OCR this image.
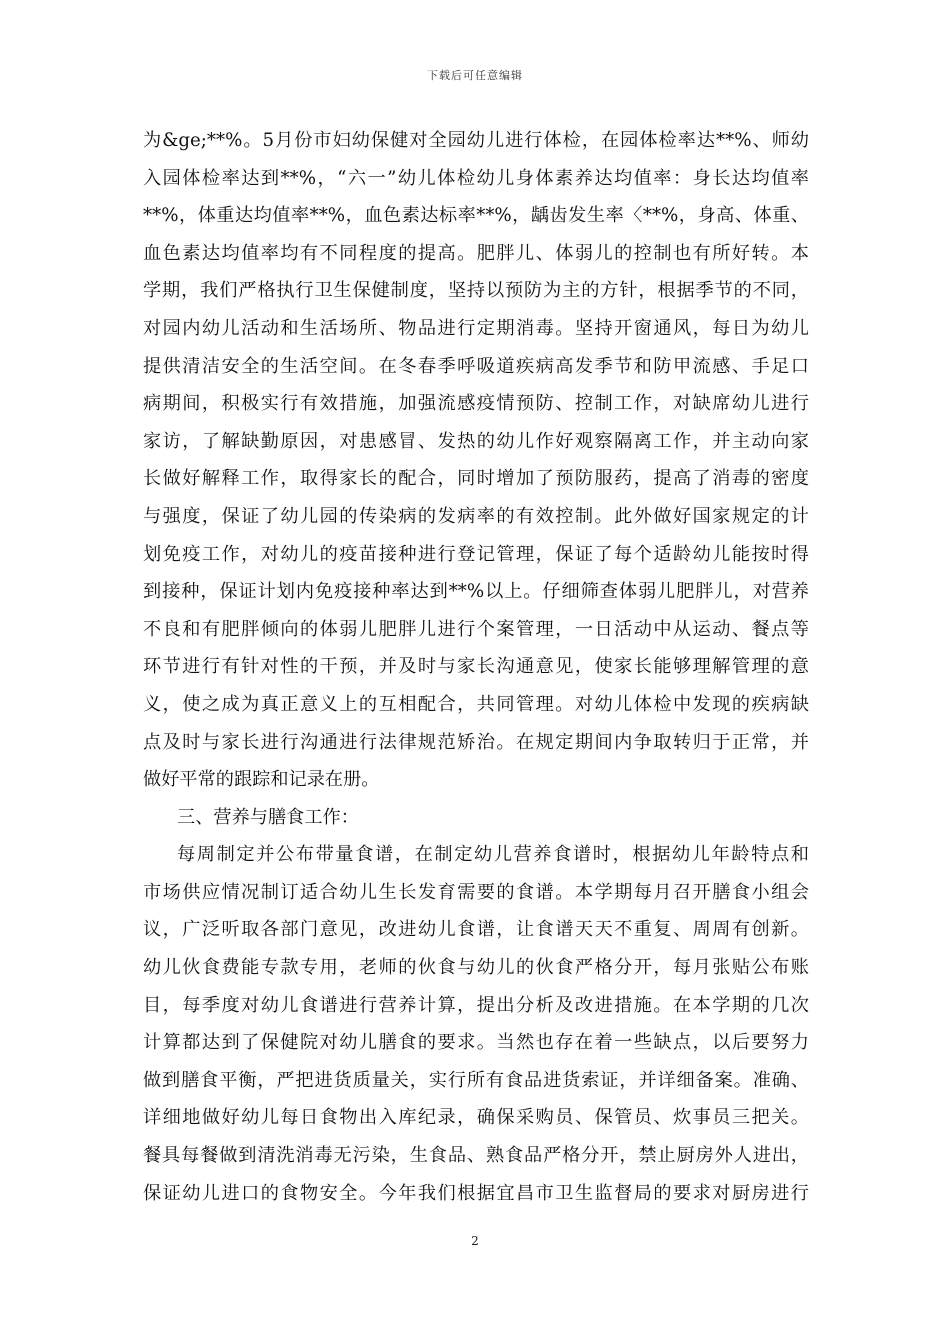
下载后可任意编辑
为&ge;**%。5月份市妇幼保健对全园幼儿进行体检，在园体检率达**%、师幼
入园体检率达到**%，“六一”幼儿体检幼儿身体素养达均值率：身长达均值率
**%，体重达均值率**%，血色素达标率**%，龋齿发生率〈**%，身高、体重、
血色素达均值率均有不同程度的提高。肥胖儿、体弱儿的控制也有所好转。本
学期，我们严格执行卫生保健制度，坚持以预防为主的方针，根据季节的不同，
对园内幼儿活动和生活场所、物品进行定期消毒。坚持开窗通风，每日为幼儿
提供清洁安全的生活空间。在冬春季呼吸道疾病高发季节和防甲流感、手足口
病期间，积极实行有效措施，加强流感疫情预防、控制工作，对缺席幼儿进行
家访，了解缺勤原因，对患感冒、发热的幼儿作好观察隔离工作，并主动向家
长做好解释工作，取得家长的配合，同时增加了预防服药，提高了消毒的密度
与强度，保证了幼儿园的传染病的发病率的有效控制。此外做好国家规定的计
划免疫工作，对幼儿的疫苗接种进行登记管理，保证了每个适龄幼儿能按时得
到接种，保证计划内免疫接种率达到**%以上。仔细筛查体弱儿肥胖儿，对营养
不良和有肥胖倾向的体弱儿肥胖儿进行个案管理，一日活动中从运动、餐点等
环节进行有针对性的干预，并及时与家长沟通意见，使家长能够理解管理的意
义，使之成为真正意义上的互相配合，共同管理。对幼儿体检中发现的疾病缺
点及时与家长进行沟通进行法律规范矫治。在规定期间内争取转归于正常，并
做好平常的跟踪和记录在册。
三、营养与膳食工作：
每周制定并公布带量食谱，在制定幼儿营养食谱时，根据幼儿年龄特点和
市场供应情况制订适合幼儿生长发育需要的食谱。本学期每月召开膳食小组会
议，广泛听取各部门意见，改进幼儿食谱，让食谱天天不重复、周周有创新。
幼儿伙食费能专款专用，老师的伙食与幼儿的伙食严格分开，每月张贴公布账
目，每季度对幼儿食谱进行营养计算，提出分析及改进措施。在本学期的几次
计算都达到了保健院对幼儿膳食的要求。当然也存在着一些缺点，以后要努力
做到膳食平衡，严把进货质量关，实行所有食品进货索证，并详细备案。准确、
详细地做好幼儿每日食物出入库纪录，确保采购员、保管员、炊事员三把关。
餐具每餐做到清洗消毒无污染，生食品、熟食品严格分开，禁止厨房外人进出，
保证幼儿进口的食物安全。今年我们根据宜昌市卫生监督局的要求对厨房进行
2
